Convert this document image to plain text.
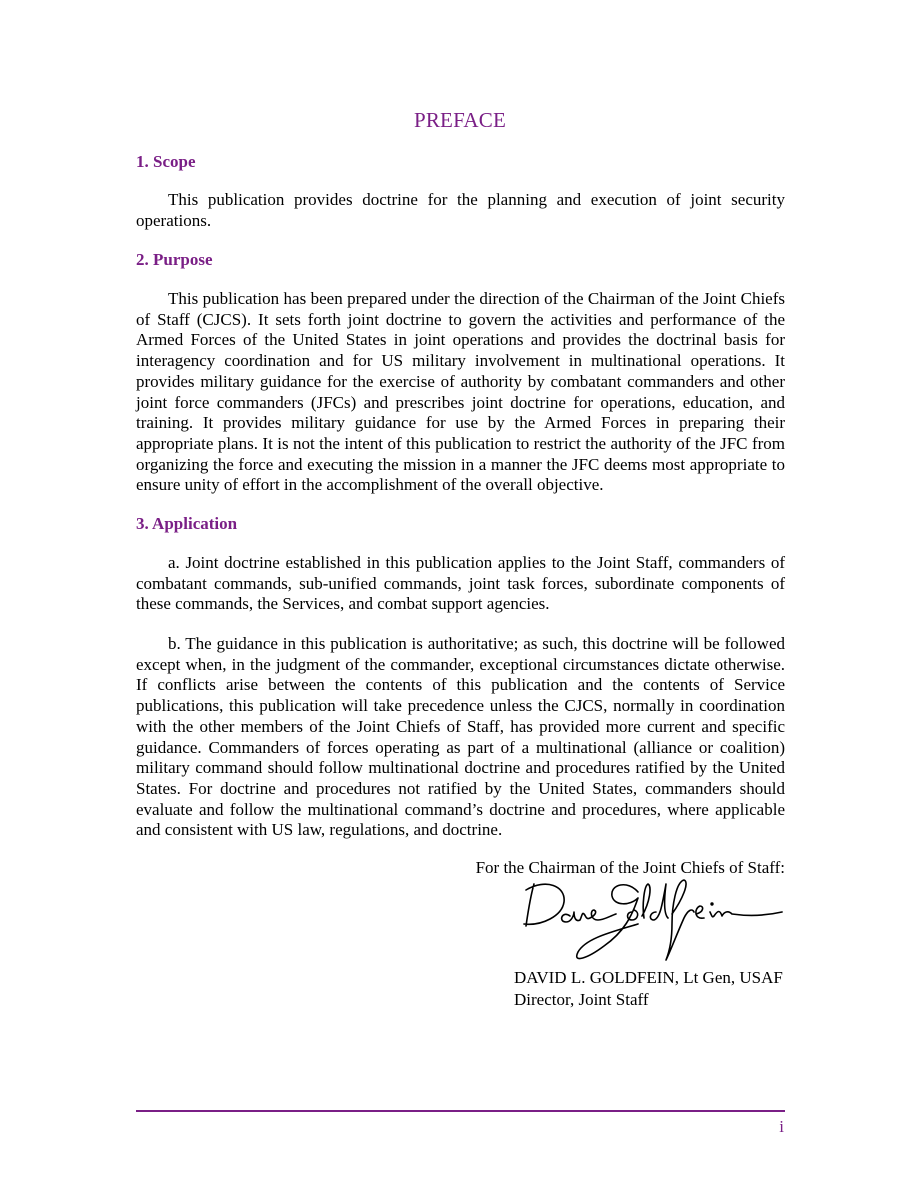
PREFACE
1. Scope

This publication provides doctrine for the planning and execution of joint security operations.

2. Purpose

This publication has been prepared under the direction of the Chairman of the Joint Chiefs of Staff (CJCS). It sets forth joint doctrine to govern the activities and performance of the Armed Forces of the United States in joint operations and provides the doctrinal basis for interagency coordination and for US military involvement in multinational operations. It provides military guidance for the exercise of authority by combatant commanders and other joint force commanders (JFCs) and prescribes joint doctrine for operations, education, and training. It provides military guidance for use by the Armed Forces in preparing their appropriate plans. It is not the intent of this publication to restrict the authority of the JFC from organizing the force and executing the mission in a manner the JFC deems most appropriate to ensure unity of effort in the accomplishment of the overall objective.

3. Application

a. Joint doctrine established in this publication applies to the Joint Staff, commanders of combatant commands, sub-unified commands, joint task forces, subordinate components of these commands, the Services, and combat support agencies.

b. The guidance in this publication is authoritative; as such, this doctrine will be followed except when, in the judgment of the commander, exceptional circumstances dictate otherwise. If conflicts arise between the contents of this publication and the contents of Service publications, this publication will take precedence unless the CJCS, normally in coordination with the other members of the Joint Chiefs of Staff, has provided more current and specific guidance. Commanders of forces operating as part of a multinational (alliance or coalition) military command should follow multinational doctrine and procedures ratified by the United States. For doctrine and procedures not ratified by the United States, commanders should evaluate and follow the multinational command’s doctrine and procedures, where applicable and consistent with US law, regulations, and doctrine.

For the Chairman of the Joint Chiefs of Staff:
DAVID L. GOLDFEIN, Lt Gen, USAF
Director, Joint Staff
i
